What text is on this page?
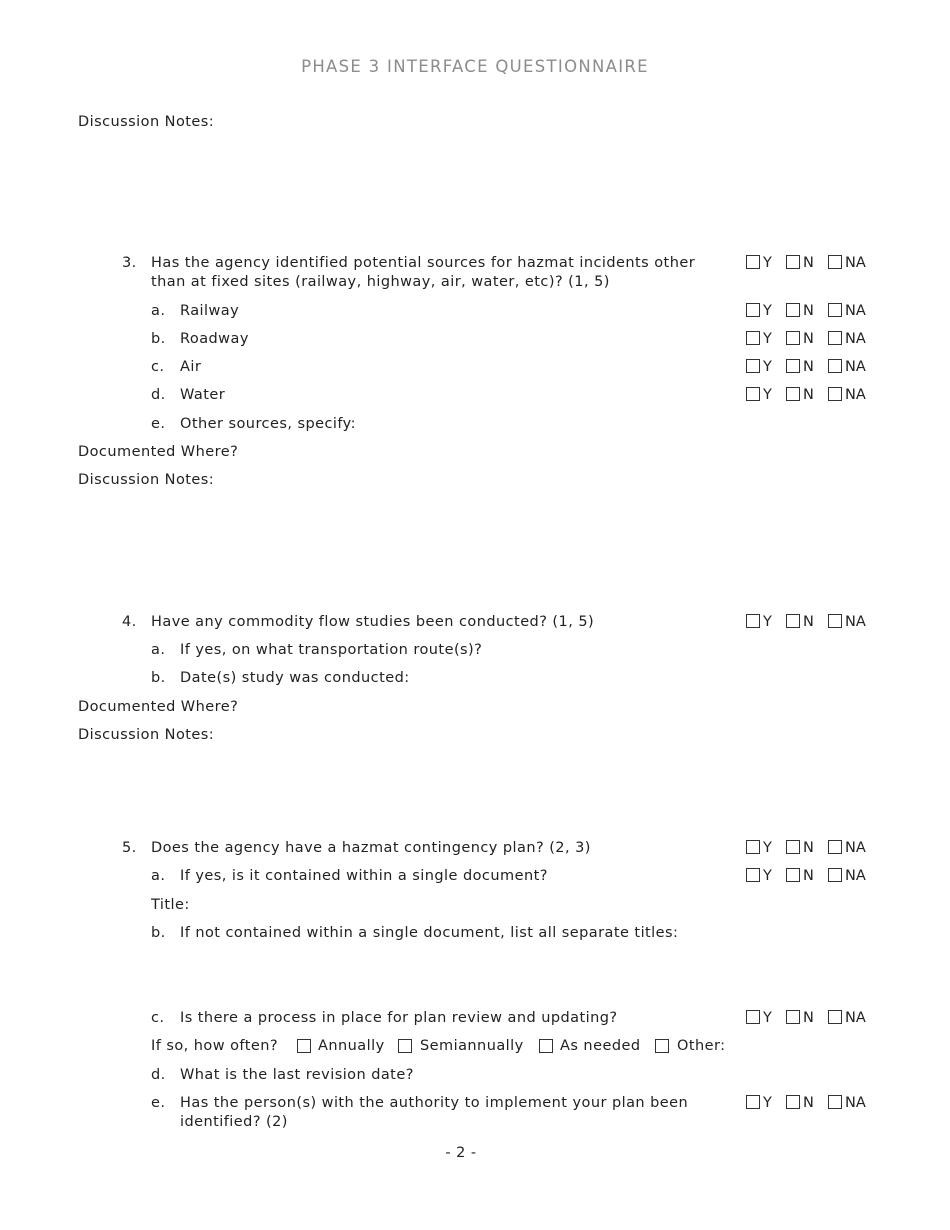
PHASE 3 INTERFACE QUESTIONNAIRE
Discussion Notes:
3. Has the agency identified potential sources for hazmat incidents other
than at fixed sites (railway, highway, air, water, etc)? (1, 5)
Y N NA
a. Railway	Y N NA
b. Roadway	Y N NA
c. Air	Y N NA
d. Water	Y N NA
e. Other sources, specify:
Documented Where?
Discussion Notes:
4. Have any commodity flow studies been conducted? (1, 5)	Y N NA
a. If yes, on what transportation route(s)?
b. Date(s) study was conducted:
Documented Where?
Discussion Notes:
5. Does the agency have a hazmat contingency plan? (2, 3)	Y N NA
a. If yes, is it contained within a single document?	Y N NA
Title:
b. If not contained within a single document, list all separate titles:
c. Is there a process in place for plan review and updating?	Y N NA
If so, how often?	Annually Semiannually	As needed	Other:
d. What is the last revision date?
e. Has the person(s) with the authority to implement your plan been
identified? (2)
Y N NA
- 2 -
